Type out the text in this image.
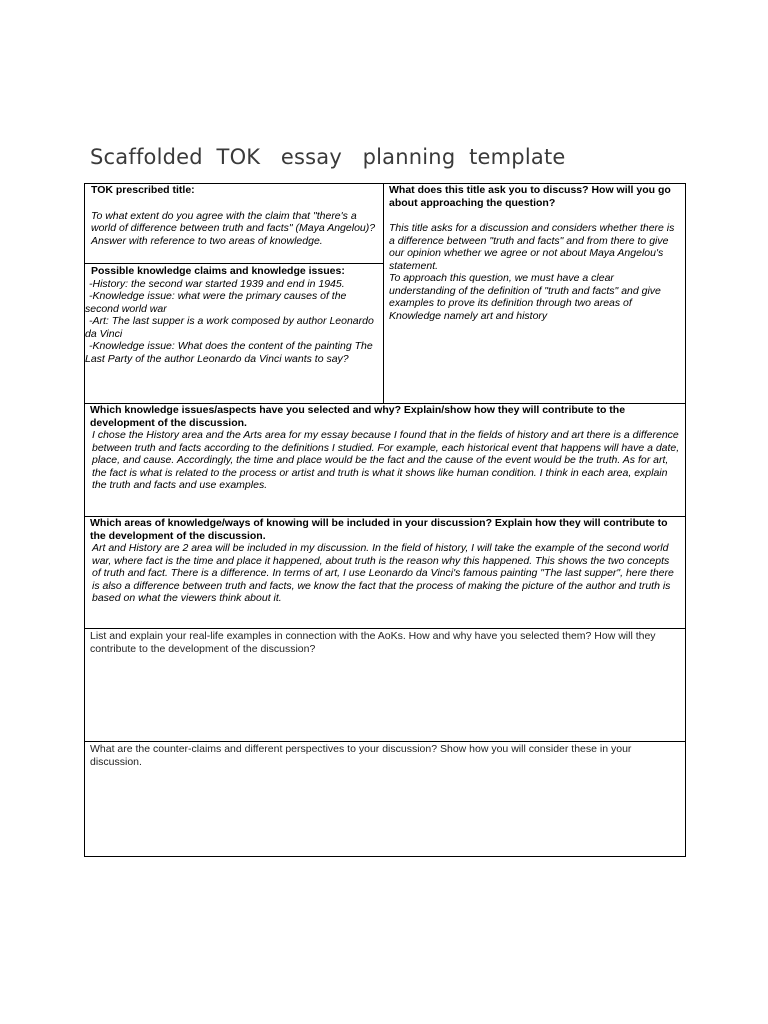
Scaffolded  TOK   essay   planning  template
TOK prescribed title:
To what extent do you agree with the claim that "there's a world of difference between truth and facts" (Maya Angelou)? Answer with reference to two areas of knowledge.
What does this title ask you to discuss? How will you go about approaching the question?
This title asks for a discussion and considers whether there is a difference between "truth and facts" and from there to give our opinion whether we agree or not about Maya Angelou's statement.
To approach this question, we must have a clear understanding of the definition of "truth and facts" and give examples to prove its definition through two areas of Knowledge namely art and history
Possible knowledge claims and knowledge issues:
-History: the second war started 1939 and end in 1945.
-Knowledge issue: what were the primary causes of the second world war
-Art: The last supper is a work composed by author Leonardo da Vinci
-Knowledge issue: What does the content of the painting The Last Party of the author Leonardo da Vinci wants to say?
Which knowledge issues/aspects have you selected and why? Explain/show how they will contribute to the development of the discussion.
I chose the History area and the Arts area for my essay because I found that in the fields of history and art there is a difference between truth and facts according to the definitions I studied. For example, each historical event that happens will have a date, place, and cause. Accordingly, the time and place would be the fact and the cause of the event would be the truth. As for art, the fact is what is related to the process or artist and truth is what it shows like human condition. I think in each area, explain the truth and facts and use examples.
Which areas of knowledge/ways of knowing will be included in your discussion? Explain how they will contribute to the development of the discussion.
Art and History are 2 area will be included in my discussion. In the field of history, I will take the example of the second world war, where fact is the time and place it happened, about truth is the reason why this happened. This shows the two concepts of truth and fact. There is a difference. In terms of art, I use Leonardo da Vinci's famous painting "The last supper", here there is also a difference between truth and facts, we know the fact that the process of making the picture of the author and truth is based on what the viewers think about it.
List and explain your real-life examples in connection with the AoKs. How and why have you selected them? How will they contribute to the development of the discussion?
What are the counter-claims and different perspectives to your discussion? Show how you will consider these in your discussion.
